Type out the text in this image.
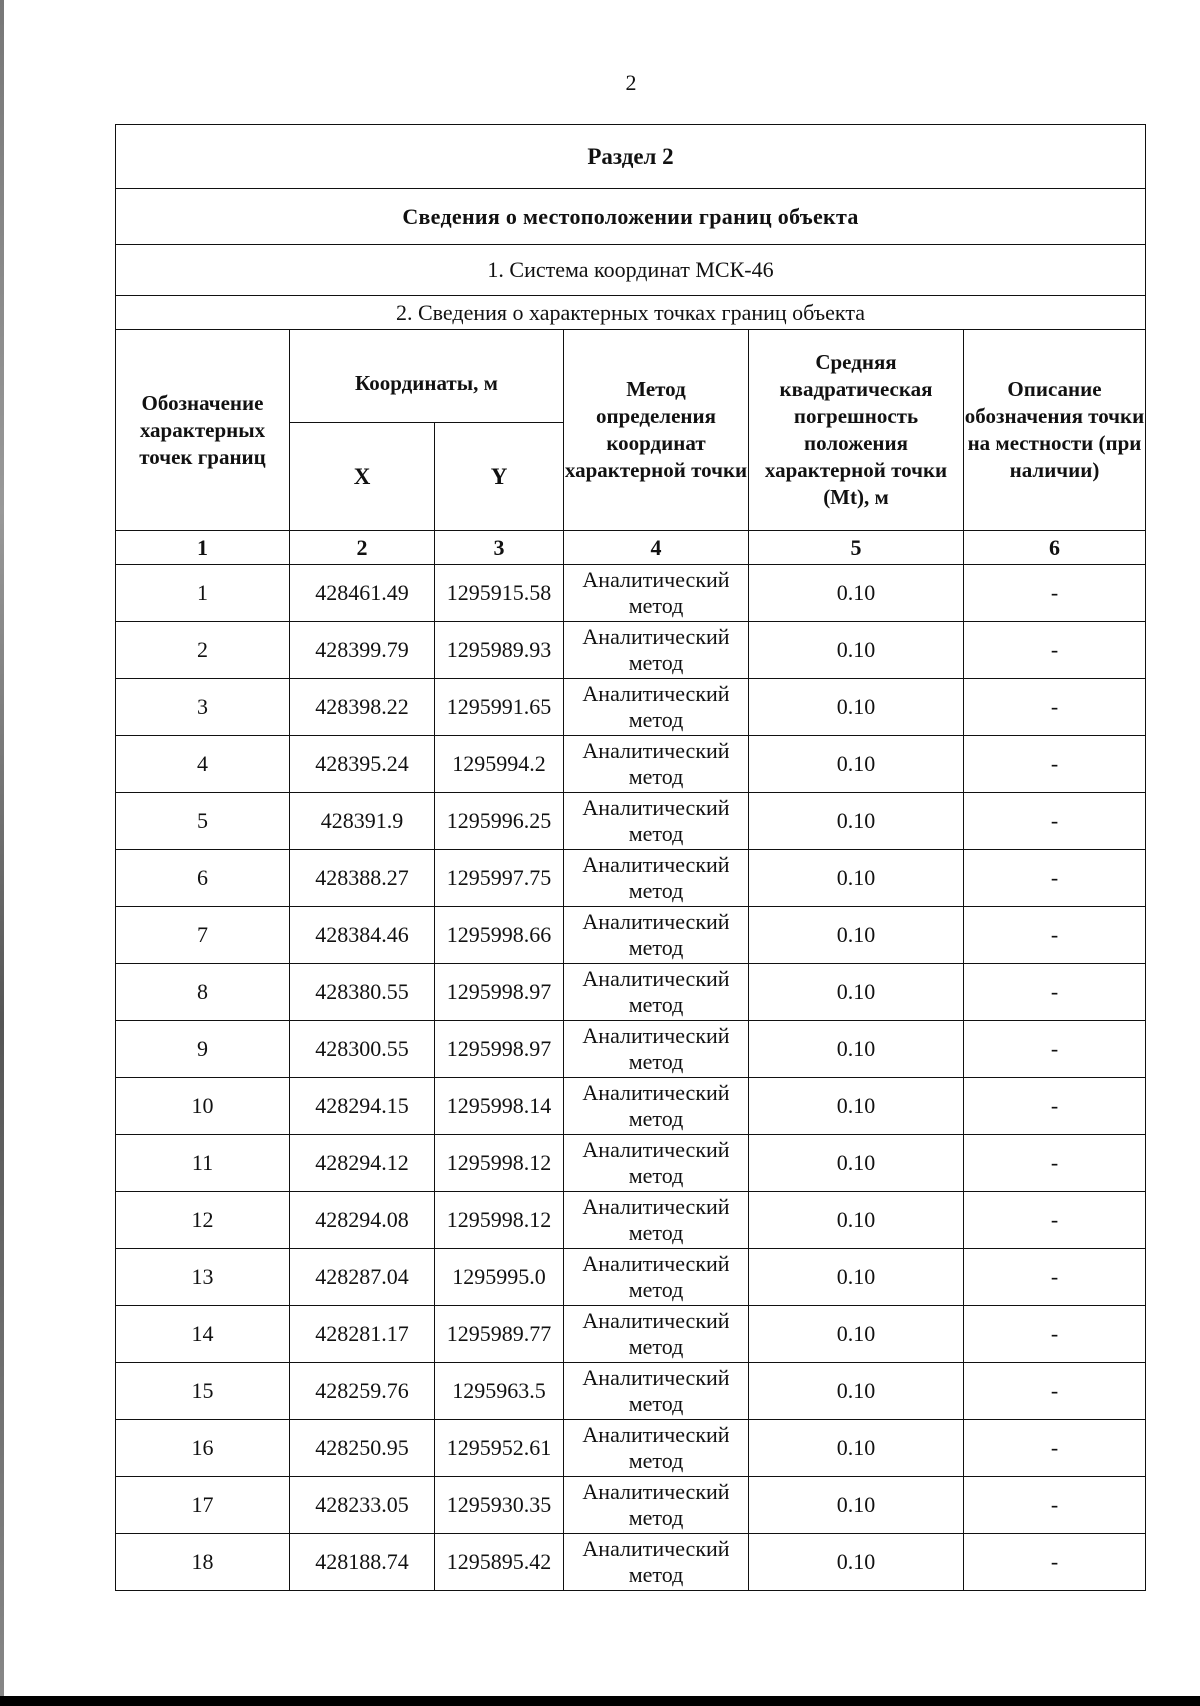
2
Раздел 2					
Сведения о местоположении границ объекта					
1. Система координат МСК-46					
2. Сведения о характерных точках границ объекта					
Обозначение характерных точек границ	Координаты, м		Метод определения координат характерной точки	Средняя квадратическая погрешность положения характерной точки (Mt), м	Описание обозначения точки на местности (при наличии)
	X	Y			
1	2	3	4	5	6
1	428461.49	1295915.58	Аналитический метод	0.10	-
2	428399.79	1295989.93	Аналитический метод	0.10	-
3	428398.22	1295991.65	Аналитический метод	0.10	-
4	428395.24	1295994.2	Аналитический метод	0.10	-
5	428391.9	1295996.25	Аналитический метод	0.10	-
6	428388.27	1295997.75	Аналитический метод	0.10	-
7	428384.46	1295998.66	Аналитический метод	0.10	-
8	428380.55	1295998.97	Аналитический метод	0.10	-
9	428300.55	1295998.97	Аналитический метод	0.10	-
10	428294.15	1295998.14	Аналитический метод	0.10	-
11	428294.12	1295998.12	Аналитический метод	0.10	-
12	428294.08	1295998.12	Аналитический метод	0.10	-
13	428287.04	1295995.0	Аналитический метод	0.10	-
14	428281.17	1295989.77	Аналитический метод	0.10	-
15	428259.76	1295963.5	Аналитический метод	0.10	-
16	428250.95	1295952.61	Аналитический метод	0.10	-
17	428233.05	1295930.35	Аналитический метод	0.10	-
18	428188.74	1295895.42	Аналитический метод	0.10	-
